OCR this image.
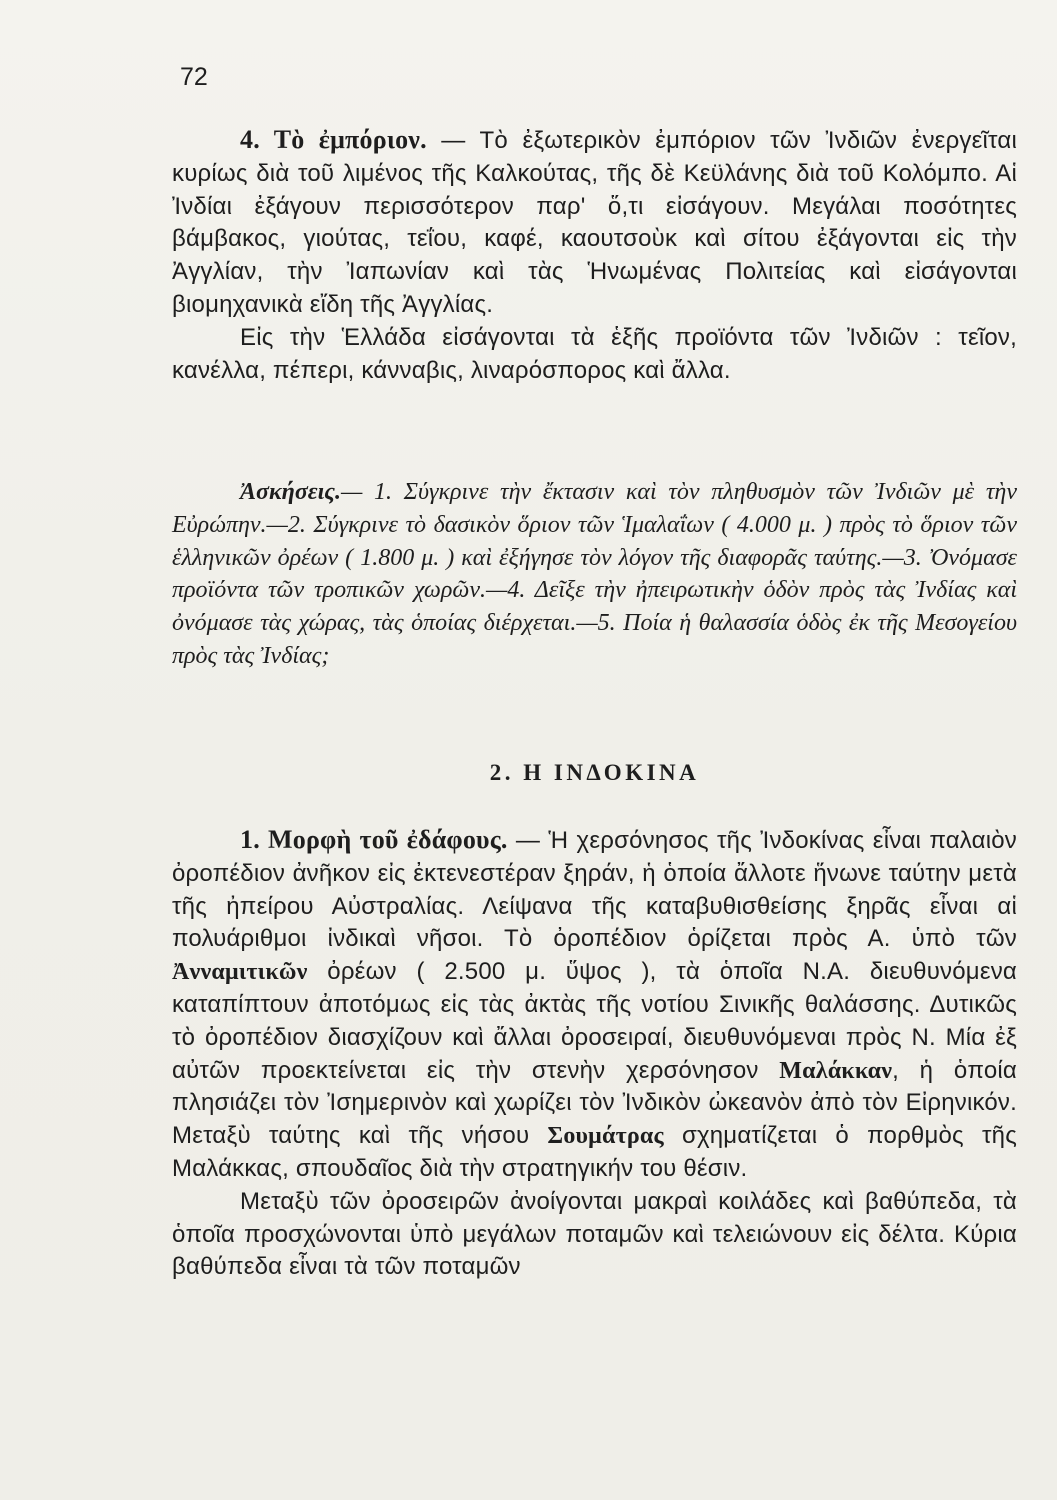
72

4. Τὸ ἐμπόριον. — Τὸ ἐξωτερικὸν ἐμπόριον τῶν Ἰνδιῶν ἐνεργεῖται κυρίως διὰ τοῦ λιμένος τῆς Καλκούτας, τῆς δὲ Κεϋλάνης διὰ τοῦ Κολόμπο. Αἱ Ἰνδίαι ἐξάγουν περισσότερον παρ' ὅ,τι εἰσάγουν. Μεγάλαι ποσότητες βάμβακος, γιούτας, τεΐου, καφέ, καουτσοὺκ καὶ σίτου ἐξάγονται εἰς τὴν Ἀγγλίαν, τὴν Ἰαπωνίαν καὶ τὰς Ἡνωμένας Πολιτείας καὶ εἰσάγονται βιομηχανικὰ εἴδη τῆς Ἀγγλίας.

Εἰς τὴν Ἑλλάδα εἰσάγονται τὰ ἑξῆς προϊόντα τῶν Ἰνδιῶν : τεῖον, κανέλλα, πέπερι, κάνναβις, λιναρόσπορος καὶ ἄλλα.

Ἀσκήσεις.— 1. Σύγκρινε τὴν ἔκτασιν καὶ τὸν πληθυσμὸν τῶν Ἰνδιῶν μὲ τὴν Εὐρώπην.—2. Σύγκρινε τὸ δασικὸν ὅριον τῶν Ἱμαλαΐων ( 4.000 μ. ) πρὸς τὸ ὅριον τῶν ἑλληνικῶν ὀρέων ( 1.800 μ. ) καὶ ἐξήγησε τὸν λόγον τῆς διαφορᾶς ταύτης.—3. Ὀνόμασε προϊόντα τῶν τροπικῶν χωρῶν.—4. Δεῖξε τὴν ἠπειρωτικὴν ὁδὸν πρὸς τὰς Ἰνδίας καὶ ὀνόμασε τὰς χώρας, τὰς ὁποίας διέρχεται.—5. Ποία ἡ θαλασσία ὁδὸς ἐκ τῆς Μεσογείου πρὸς τὰς Ἰνδίας;
2. Η ΙΝΔΟΚΙΝΑ

1. Μορφὴ τοῦ ἐδάφους. — Ἡ χερσόνησος τῆς Ἰνδοκίνας εἶναι παλαιὸν ὀροπέδιον ἀνῆκον εἰς ἐκτενεστέραν ξηράν, ἡ ὁποία ἄλλοτε ἥνωνε ταύτην μετὰ τῆς ἠπείρου Αὐστραλίας. Λείψανα τῆς καταβυθισθείσης ξηρᾶς εἶναι αἱ πολυάριθμοι ἰνδικαὶ νῆσοι. Τὸ ὀροπέδιον ὁρίζεται πρὸς Α. ὑπὸ τῶν Ἀνναμιτικῶν ὀρέων ( 2.500 μ. ὕψος ), τὰ ὁποῖα Ν.Α. διευθυνόμενα καταπίπτουν ἀποτόμως εἰς τὰς ἀκτὰς τῆς νοτίου Σινικῆς θαλάσσης. Δυτικῶς τὸ ὀροπέδιον διασχίζουν καὶ ἄλλαι ὀροσειραί, διευθυνόμεναι πρὸς Ν. Μία ἐξ αὐτῶν προεκτείνεται εἰς τὴν στενὴν χερσόνησον Μαλάκκαν, ἡ ὁποία πλησιάζει τὸν Ἰσημερινὸν καὶ χωρίζει τὸν Ἰνδικὸν ὠκεανὸν ἀπὸ τὸν Εἰρηνικόν. Μεταξὺ ταύτης καὶ τῆς νήσου Σουμάτρας σχηματίζεται ὁ πορθμὸς τῆς Μαλάκκας, σπουδαῖος διὰ τὴν στρατηγικήν του θέσιν.

Μεταξὺ τῶν ὀροσειρῶν ἀνοίγονται μακραὶ κοιλάδες καὶ βαθύπεδα, τὰ ὁποῖα προσχώνονται ὑπὸ μεγάλων ποταμῶν καὶ τελειώνουν εἰς δέλτα. Κύρια βαθύπεδα εἶναι τὰ τῶν ποταμῶν
